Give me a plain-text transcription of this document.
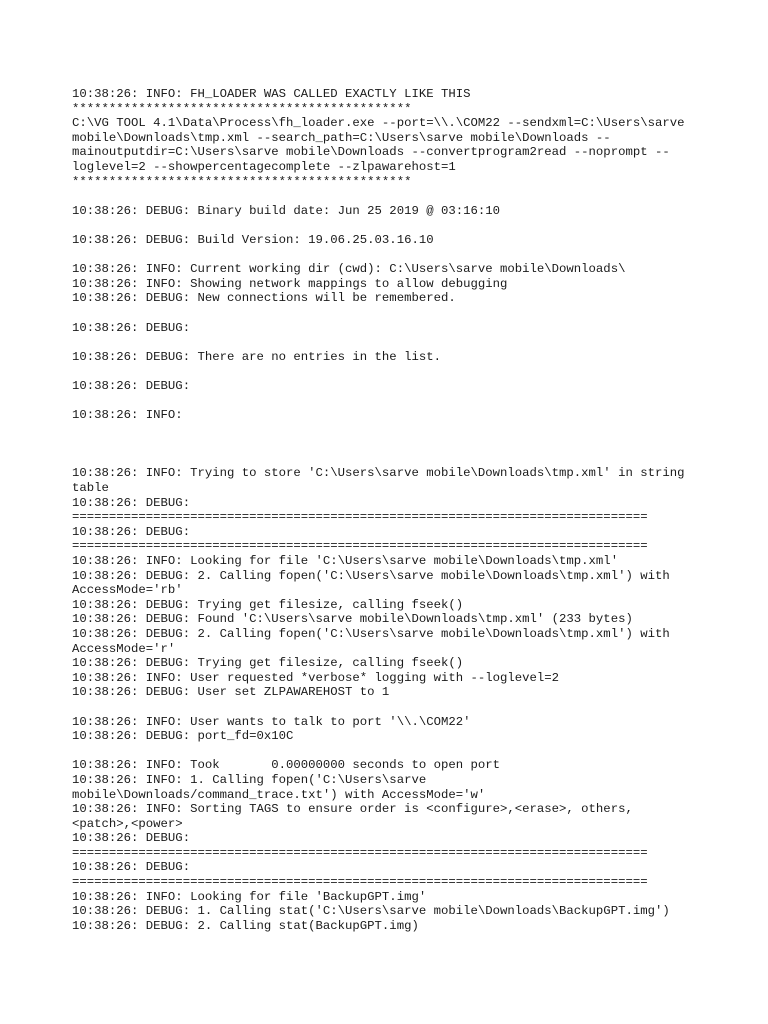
10:38:26: INFO: FH_LOADER WAS CALLED EXACTLY LIKE THIS
**********************************************
C:\VG TOOL 4.1\Data\Process\fh_loader.exe --port=\\.\COM22 --sendxml=C:\Users\sarve
mobile\Downloads\tmp.xml --search_path=C:\Users\sarve mobile\Downloads --
mainoutputdir=C:\Users\sarve mobile\Downloads --convertprogram2read --noprompt --
loglevel=2 --showpercentagecomplete --zlpawarehost=1
**********************************************
10:38:26: DEBUG: Binary build date: Jun 25 2019 @ 03:16:10
10:38:26: DEBUG: Build Version: 19.06.25.03.16.10
10:38:26: INFO: Current working dir (cwd): C:\Users\sarve mobile\Downloads\
10:38:26: INFO: Showing network mappings to allow debugging
10:38:26: DEBUG: New connections will be remembered.
10:38:26: DEBUG:
10:38:26: DEBUG: There are no entries in the list.
10:38:26: DEBUG:
10:38:26: INFO:
10:38:26: INFO: Trying to store 'C:\Users\sarve mobile\Downloads\tmp.xml' in string
table
10:38:26: DEBUG:
==============================================================================
10:38:26: DEBUG:
==============================================================================
10:38:26: INFO: Looking for file 'C:\Users\sarve mobile\Downloads\tmp.xml'
10:38:26: DEBUG: 2. Calling fopen('C:\Users\sarve mobile\Downloads\tmp.xml') with
AccessMode='rb'
10:38:26: DEBUG: Trying get filesize, calling fseek()
10:38:26: DEBUG: Found 'C:\Users\sarve mobile\Downloads\tmp.xml' (233 bytes)
10:38:26: DEBUG: 2. Calling fopen('C:\Users\sarve mobile\Downloads\tmp.xml') with
AccessMode='r'
10:38:26: DEBUG: Trying get filesize, calling fseek()
10:38:26: INFO: User requested *verbose* logging with --loglevel=2
10:38:26: DEBUG: User set ZLPAWAREHOST to 1
10:38:26: INFO: User wants to talk to port '\\.\COM22'
10:38:26: DEBUG: port_fd=0x10C
10:38:26: INFO: Took       0.00000000 seconds to open port
10:38:26: INFO: 1. Calling fopen('C:\Users\sarve
mobile\Downloads/command_trace.txt') with AccessMode='w'
10:38:26: INFO: Sorting TAGS to ensure order is <configure>,<erase>, others,
<patch>,<power>
10:38:26: DEBUG:
==============================================================================
10:38:26: DEBUG:
==============================================================================
10:38:26: INFO: Looking for file 'BackupGPT.img'
10:38:26: DEBUG: 1. Calling stat('C:\Users\sarve mobile\Downloads\BackupGPT.img')
10:38:26: DEBUG: 2. Calling stat(BackupGPT.img)
